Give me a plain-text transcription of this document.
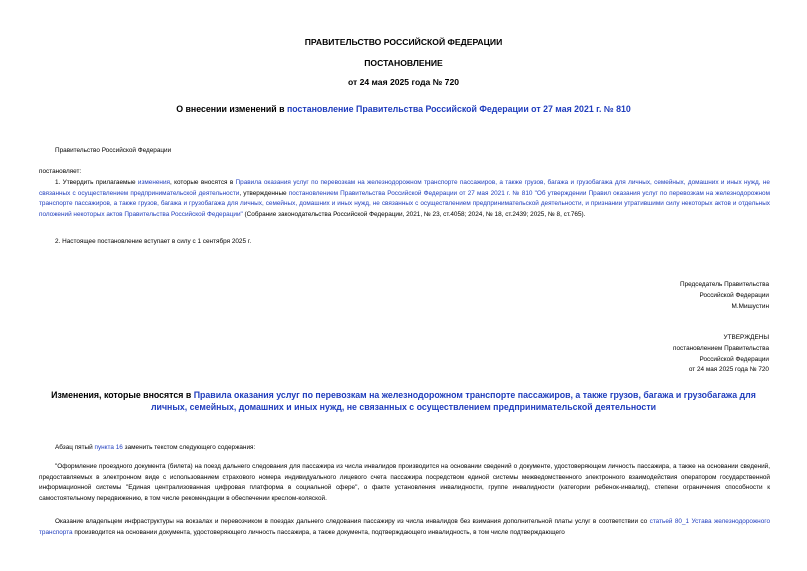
ПРАВИТЕЛЬСТВО РОССИЙСКОЙ ФЕДЕРАЦИИ
ПОСТАНОВЛЕНИЕ
от 24 мая 2025 года № 720
О внесении изменений в постановление Правительства Российской Федерации от 27 мая 2021 г. № 810
Правительство Российской Федерации
постановляет:
1. Утвердить прилагаемые изменения, которые вносятся в Правила оказания услуг по перевозкам на железнодорожном транспорте пассажиров, а также грузов, багажа и грузобагажа для личных, семейных, домашних и иных нужд, не связанных с осуществлением предпринимательской деятельности, утвержденные постановлением Правительства Российской Федерации от 27 мая 2021 г. № 810 "Об утверждении Правил оказания услуг по перевозкам на железнодорожном транспорте пассажиров, а также грузов, багажа и грузобагажа для личных, семейных, домашних и иных нужд, не связанных с осуществлением предпринимательской деятельности, и признании утратившими силу некоторых актов и отдельных положений некоторых актов Правительства Российской Федерации" (Собрание законодательства Российской Федерации, 2021, № 23, ст.4058; 2024, № 18, ст.2439; 2025, № 8, ст.765).
2. Настоящее постановление вступает в силу с 1 сентября 2025 г.
Председатель Правительства
Российской Федерации
М.Мишустин
УТВЕРЖДЕНЫ
постановлением Правительства
Российской Федерации
от 24 мая 2025 года № 720
Изменения, которые вносятся в Правила оказания услуг по перевозкам на железнодорожном транспорте пассажиров, а также грузов, багажа и грузобагажа для личных, семейных, домашних и иных нужд, не связанных с осуществлением предпринимательской деятельности
Абзац пятый пункта 16 заменить текстом следующего содержания:
"Оформление проездного документа (билета) на поезд дальнего следования для пассажира из числа инвалидов производится на основании сведений о документе, удостоверяющем личность пассажира, а также на основании сведений, предоставляемых в электронном виде с использованием страхового номера индивидуального лицевого счета пассажира посредством единой системы межведомственного электронного взаимодействия оператором государственной информационной системы "Единая централизованная цифровая платформа в социальной сфере", о факте установления инвалидности, группе инвалидности (категории ребенок-инвалид), степени ограничения способности к самостоятельному передвижению, в том числе рекомендации в обеспечении креслом-коляской.
Оказание владельцем инфраструктуры на вокзалах и перевозчиком в поездах дальнего следования пассажиру из числа инвалидов без взимания дополнительной платы услуг в соответствии со статьей 80_1 Устава железнодорожного транспорта производится на основании документа, удостоверяющего личность пассажира, а также документа, подтверждающего инвалидность, в том числе подтверждающего
